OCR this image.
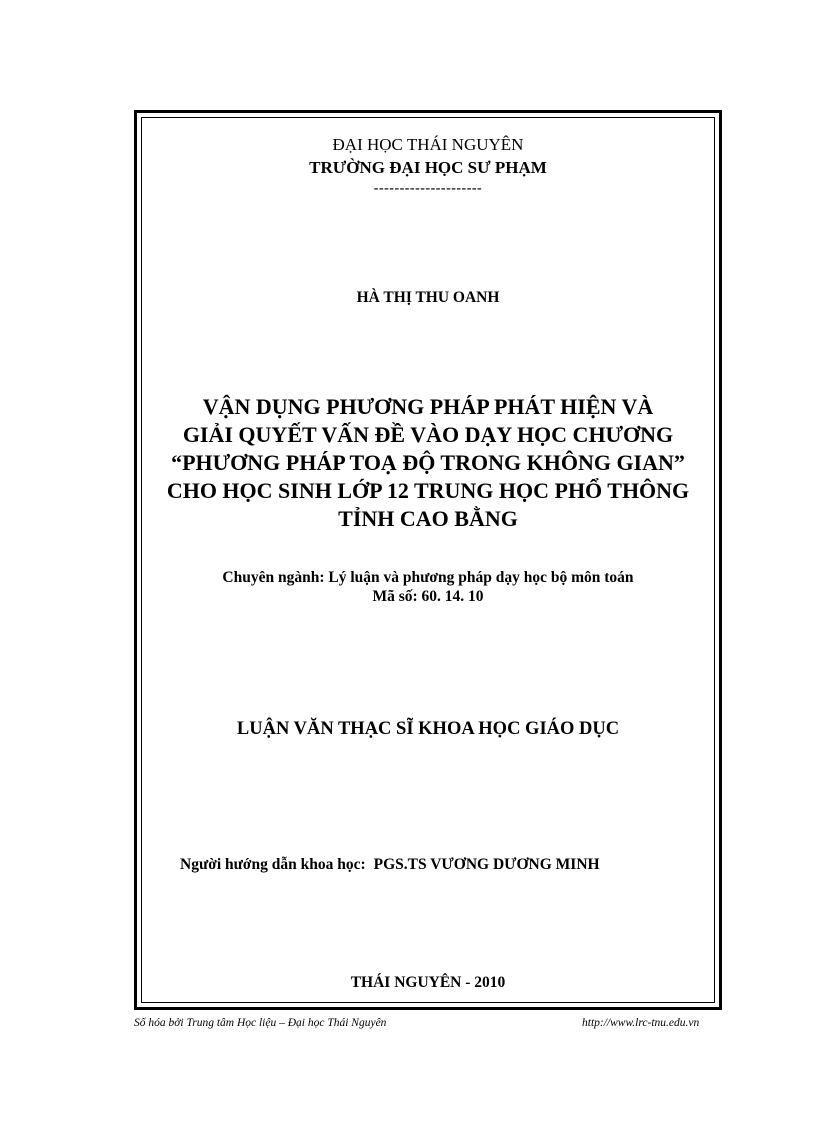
ĐẠI HỌC THÁI NGUYÊN
TRƯỜNG ĐẠI HỌC SƯ PHẠM
---------------------
HÀ THỊ THU OANH
VẬN DỤNG PHƯƠNG PHÁP PHÁT HIỆN VÀ
GIẢI QUYẾT VẤN ĐỀ VÀO DẠY HỌC CHƯƠNG
“PHƯƠNG PHÁP TOẠ ĐỘ TRONG KHÔNG GIAN”
CHO HỌC SINH LỚP 12 TRUNG HỌC PHỔ THÔNG
TỈNH CAO BẰNG
Chuyên ngành: Lý luận và phương pháp dạy học bộ môn toán
Mã số: 60. 14. 10
LUẬN VĂN THẠC SĨ KHOA HỌC GIÁO DỤC
Người hướng dẫn khoa học: PGS.TS VƯƠNG DƯƠNG MINH
THÁI NGUYÊN - 2010
Số hóa bởi Trung tâm Học liệu – Đại học Thái Nguyên	http://www.lrc-tnu.edu.vn
